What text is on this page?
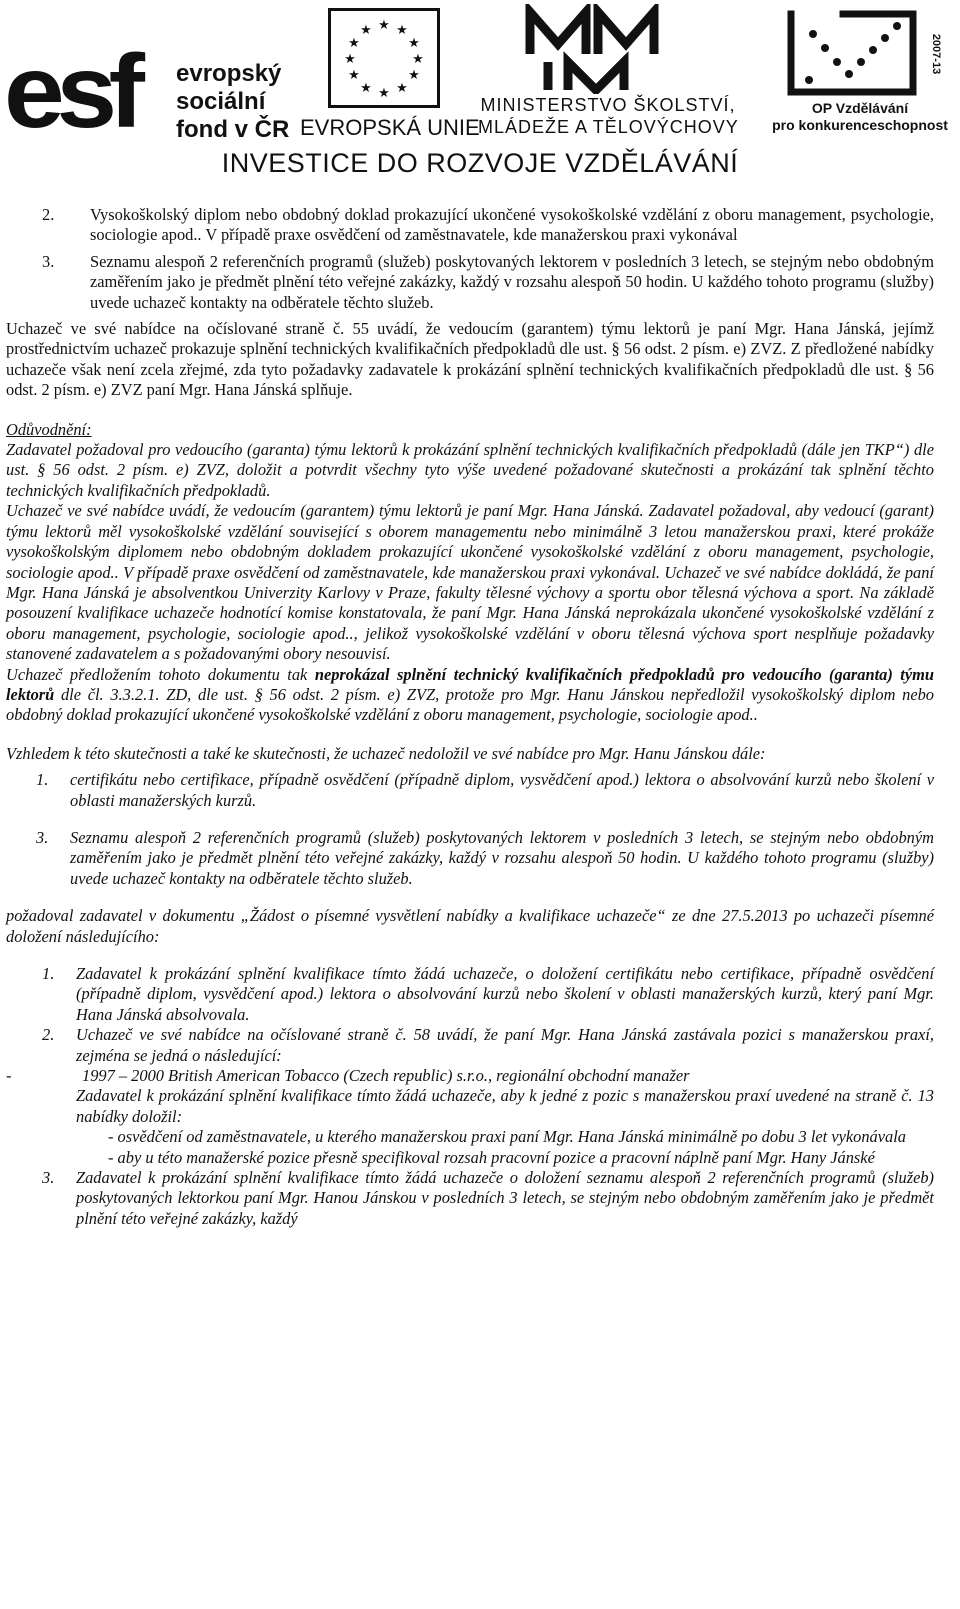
esf evropský
sociální
fond v ČR
★ ★
★
★
★
★
★
★
★
★
★
★
EVROPSKÁ UNIE
MINISTERSTVO ŠKOLSTVÍ,
MLÁDEŽE A TĚLOVÝCHOVY
2007-13
OP Vzdělávání
pro konkurenceschopnost
INVESTICE DO ROZVOJE VZDĚLÁVÁNÍ
2.	Vysokoškolský diplom nebo obdobný doklad prokazující ukončené vysokoškolské vzdělání z oboru management, psychologie, sociologie apod.. V případě praxe osvědčení od zaměstnavatele, kde manažerskou praxi vykonával
3.	Seznamu alespoň 2 referenčních programů (služeb) poskytovaných lektorem v posledních 3 letech, se stejným nebo obdobným zaměřením jako je předmět plnění této veřejné zakázky, každý v rozsahu alespoň 50 hodin. U každého tohoto programu (služby) uvede uchazeč kontakty na odběratele těchto služeb.

Uchazeč ve své nabídce na očíslované straně č. 55 uvádí, že vedoucím (garantem) týmu lektorů je paní Mgr. Hana Jánská, jejímž prostřednictvím uchazeč prokazuje splnění technických kvalifikačních předpokladů dle ust. § 56 odst. 2 písm. e) ZVZ. Z předložené nabídky uchazeče však není zcela zřejmé, zda tyto požadavky zadavatele k prokázání splnění technických kvalifikačních předpokladů dle ust. § 56 odst. 2 písm. e) ZVZ paní Mgr. Hana Jánská splňuje.

Odůvodnění:

Zadavatel požadoval pro vedoucího (garanta) týmu lektorů k prokázání splnění technických kvalifikačních předpokladů (dále jen TKP“) dle ust. § 56 odst. 2 písm. e) ZVZ, doložit a potvrdit všechny tyto výše uvedené požadované skutečnosti a prokázání tak splnění těchto technických kvalifikačních předpokladů.

Uchazeč ve své nabídce uvádí, že vedoucím (garantem) týmu lektorů je paní Mgr. Hana Jánská. Zadavatel požadoval, aby vedoucí (garant) týmu lektorů měl vysokoškolské vzdělání související s oborem managementu nebo minimálně 3 letou manažerskou praxi, které prokáže vysokoškolským diplomem nebo obdobným dokladem prokazující ukončené vysokoškolské vzdělání z oboru management, psychologie, sociologie apod.. V případě praxe osvědčení od zaměstnavatele, kde manažerskou praxi vykonával. Uchazeč ve své nabídce dokládá, že paní Mgr. Hana Jánská je absolventkou Univerzity Karlovy v Praze, fakulty tělesné výchovy a sportu obor tělesná výchova a sport. Na základě posouzení kvalifikace uchazeče hodnotící komise konstatovala, že paní Mgr. Hana Jánská neprokázala ukončené vysokoškolské vzdělání z oboru management, psychologie, sociologie apod.., jelikož vysokoškolské vzdělání v oboru tělesná výchova sport nesplňuje požadavky stanovené zadavatelem a s požadovanými obory nesouvisí.

Uchazeč předložením tohoto dokumentu tak neprokázal splnění technický kvalifikačních předpokladů pro vedoucího (garanta) týmu lektorů dle čl. 3.3.2.1. ZD, dle ust. § 56 odst. 2 písm. e) ZVZ, protože pro Mgr. Hanu Jánskou nepředložil vysokoškolský diplom nebo obdobný doklad prokazující ukončené vysokoškolské vzdělání z oboru management, psychologie, sociologie apod..

Vzhledem k této skutečnosti a také ke skutečnosti, že uchazeč nedoložil ve své nabídce pro Mgr. Hanu Jánskou dále:

1.	certifikátu nebo certifikace, případně osvědčení (případně diplom, vysvědčení apod.) lektora o absolvování kurzů nebo školení v oblasti manažerských kurzů.
3.	Seznamu alespoň 2 referenčních programů (služeb) poskytovaných lektorem v posledních 3 letech, se stejným nebo obdobným zaměřením jako je předmět plnění této veřejné zakázky, každý v rozsahu alespoň 50 hodin. U každého tohoto programu (služby) uvede uchazeč kontakty na odběratele těchto služeb.

požadoval zadavatel v dokumentu „Žádost o písemné vysvětlení nabídky a kvalifikace uchazeče“ ze dne 27.5.2013 po uchazeči písemné doložení následujícího:

1.	Zadavatel k prokázání splnění kvalifikace tímto žádá uchazeče, o doložení certifikátu nebo certifikace, případně osvědčení (případně diplom, vysvědčení apod.) lektora o absolvování kurzů nebo školení v oblasti manažerských kurzů, který paní Mgr. Hana Jánská absolvovala.
2.	Uchazeč ve své nabídce na očíslované straně č. 58 uvádí, že paní Mgr. Hana Jánská zastávala pozici s manažerskou praxí, zejména se jedná o následující:
-	1997 – 2000 British American Tobacco (Czech republic) s.r.o., regionální obchodní manažer

Zadavatel k prokázání splnění kvalifikace tímto žádá uchazeče, aby k jedné z pozic s manažerskou praxí uvedené na straně č. 13 nabídky doložil:

- osvědčení od zaměstnavatele, u kterého manažerskou praxi paní Mgr. Hana Jánská minimálně po dobu 3 let vykonávala

- aby u této manažerské pozice přesně specifikoval rozsah pracovní pozice a pracovní náplně paní Mgr. Hany Jánské

3.	Zadavatel k prokázání splnění kvalifikace tímto žádá uchazeče o doložení seznamu alespoň 2 referenčních programů (služeb) poskytovaných lektorkou paní Mgr. Hanou Jánskou v posledních 3 letech, se stejným nebo obdobným zaměřením jako je předmět plnění této veřejné zakázky, každý
